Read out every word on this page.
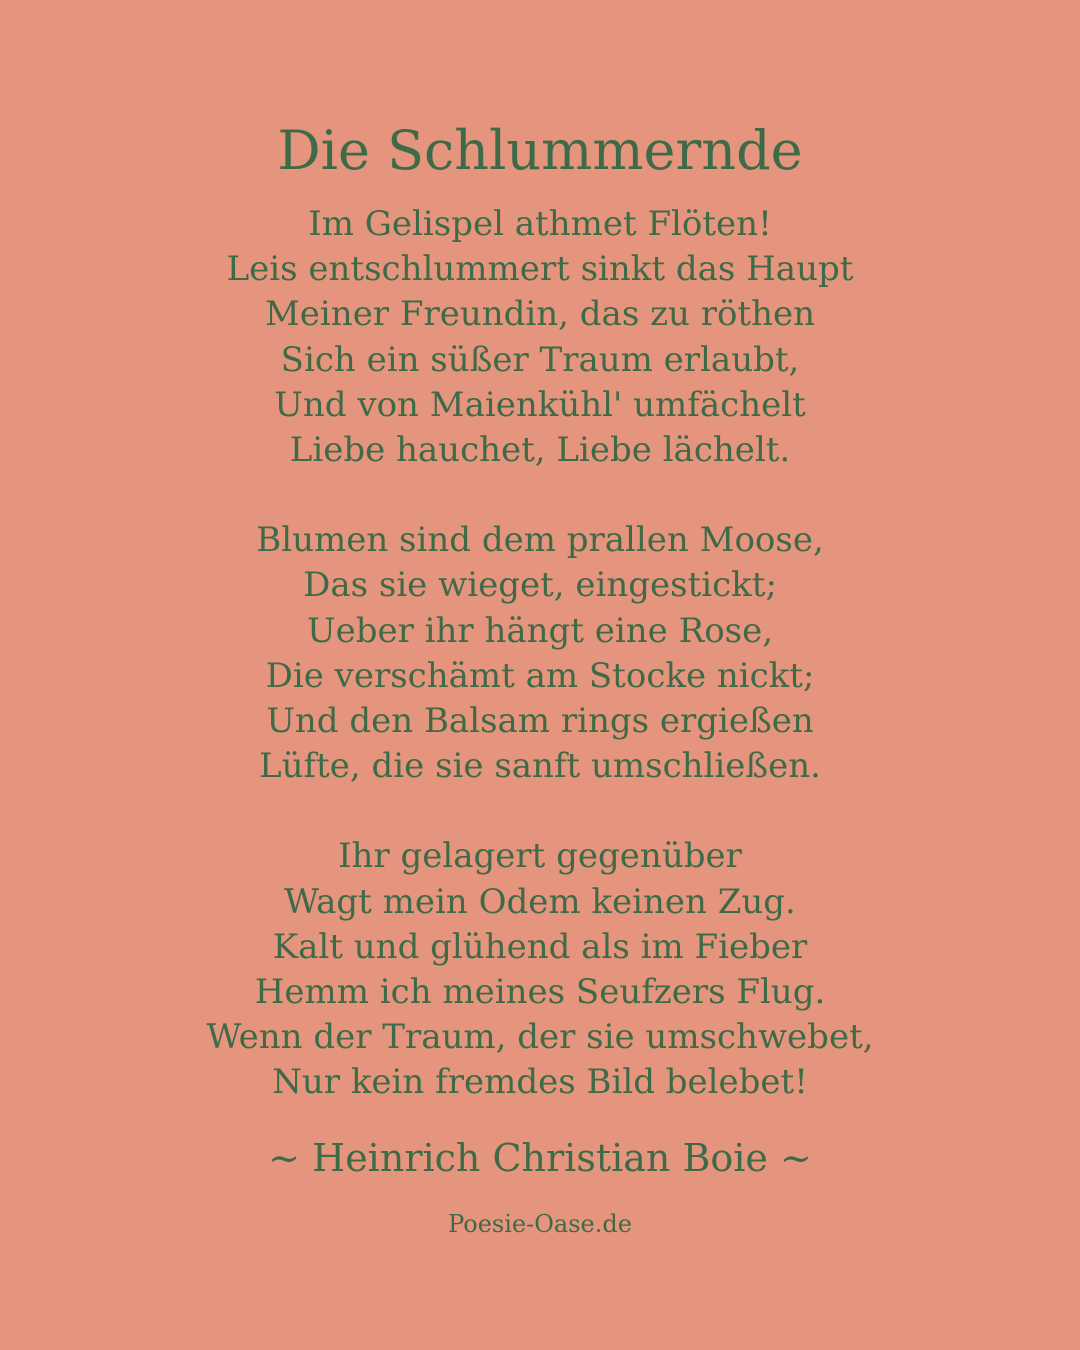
Die Schlummernde
Im Gelispel athmet Flöten!
Leis entschlummert sinkt das Haupt
Meiner Freundin, das zu röthen
Sich ein süßer Traum erlaubt,
Und von Maienkühl' umfächelt
Liebe hauchet, Liebe lächelt.
Blumen sind dem prallen Moose,
Das sie wieget, eingestickt;
Ueber ihr hängt eine Rose,
Die verschämt am Stocke nickt;
Und den Balsam rings ergießen
Lüfte, die sie sanft umschließen.
Ihr gelagert gegenüber
Wagt mein Odem keinen Zug.
Kalt und glühend als im Fieber
Hemm ich meines Seufzers Flug.
Wenn der Traum, der sie umschwebet,
Nur kein fremdes Bild belebet!
~ Heinrich Christian Boie ~
Poesie-Oase.de
